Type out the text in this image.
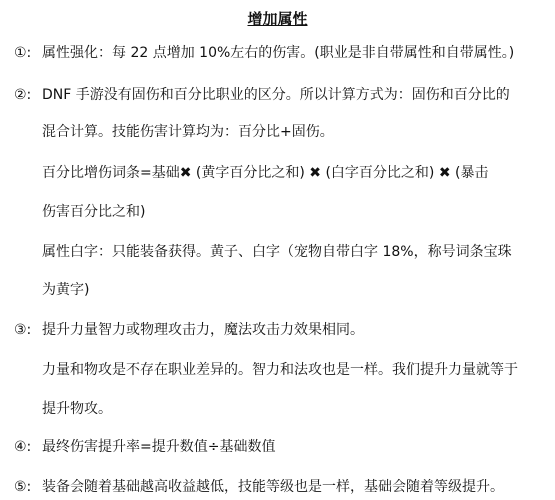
增加属性
①: 属性强化：每 22 点增加 10%左右的伤害。(职业是非自带属性和自带属性。)
②: DNF 手游没有固伤和百分比职业的区分。所以计算方式为：固伤和百分比的
混合计算。技能伤害计算均为：百分比+固伤。
百分比增伤词条=基础✖ (黄字百分比之和) ✖ (白字百分比之和) ✖ (暴击
伤害百分比之和)
属性白字：只能装备获得。黄子、白字（宠物自带白字 18%，称号词条宝珠
为黄字)
③: 提升力量智力或物理攻击力，魔法攻击力效果相同。
力量和物攻是不存在职业差异的。智力和法攻也是一样。我们提升力量就等于
提升物攻。
④: 最终伤害提升率=提升数值÷基础数值
⑤: 装备会随着基础越高收益越低，技能等级也是一样，基础会随着等级提升。
